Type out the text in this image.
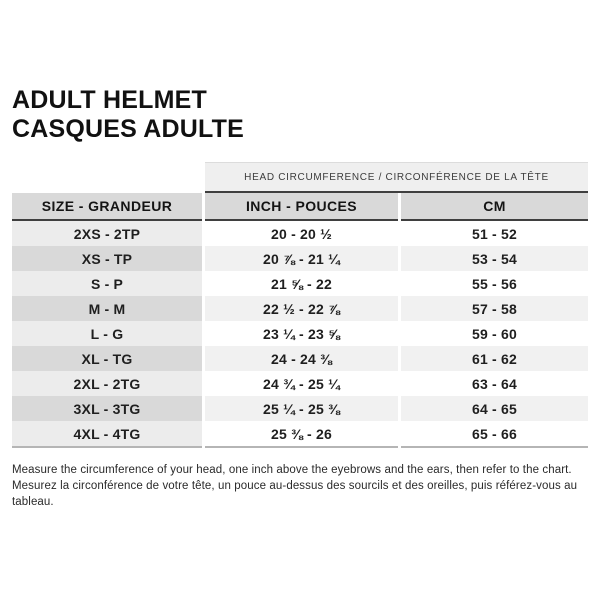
ADULT HELMET
CASQUES ADULTE
HEAD CIRCUMFERENCE / CIRCONFÉRENCE DE LA TÊTE
SIZE - GRANDEUR	INCH - POUCES	CM
2XS - 2TP	20 - 20 ½	51 - 52
XS - TP	20 ⅞ - 21 ¼	53 - 54
S - P	21 ⅝ - 22	55 - 56
M - M	22 ½ - 22 ⅞	57 - 58
L - G	23 ¼ - 23 ⅝	59 - 60
XL - TG	24 - 24 ⅜	61 - 62
2XL - 2TG	24 ¾ - 25 ¼	63 - 64
3XL - 3TG	25 ¼ - 25 ⅜	64 - 65
4XL - 4TG	25 ⅜ - 26	65 - 66

Measure the circumference of your head, one inch above the eyebrows and the ears, then refer to the chart.

Mesurez la circonférence de votre tête, un pouce au-dessus des sourcils et des oreilles, puis référez-vous au tableau.
